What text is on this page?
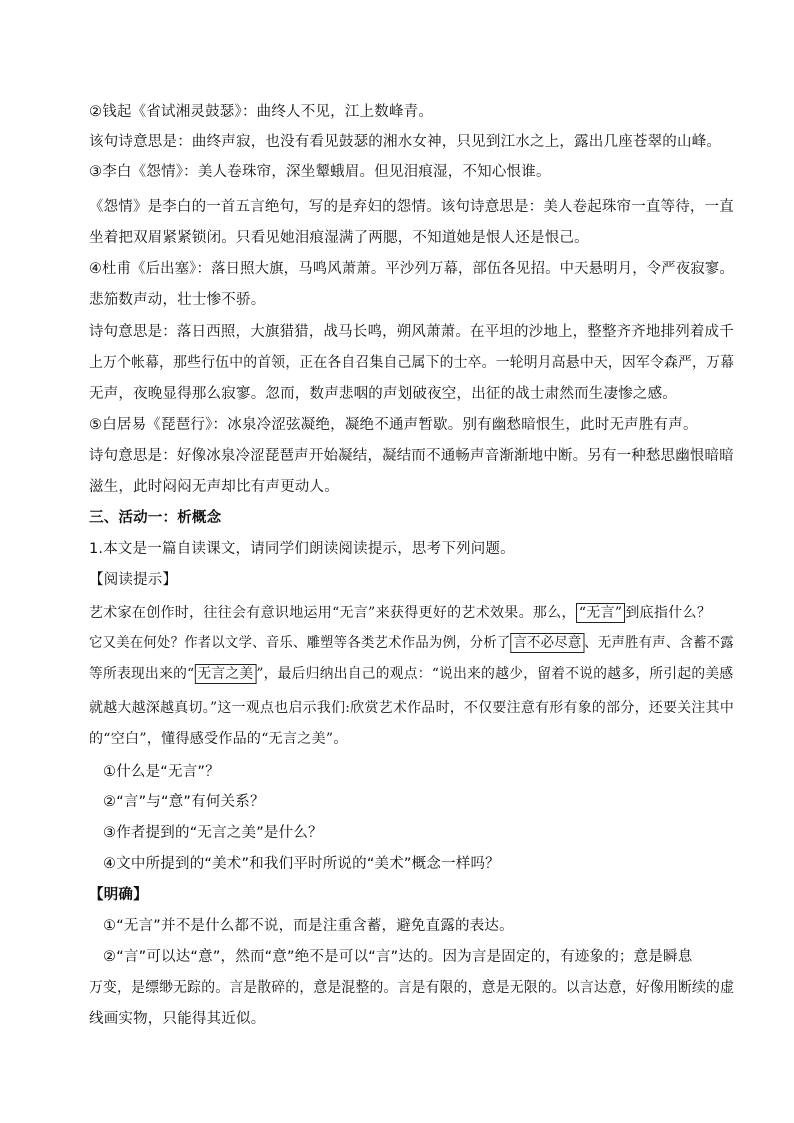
②钱起《省试湘灵鼓瑟》：曲终人不见，江上数峰青。
该句诗意思是：曲终声寂，也没有看见鼓瑟的湘水女神，只见到江水之上，露出几座苍翠的山峰。
③李白《怨情》：美人卷珠帘，深坐颦蛾眉。但见泪痕湿，不知心恨谁。
《怨情》是李白的一首五言绝句，写的是弃妇的怨情。该句诗意思是：美人卷起珠帘一直等待，一直
坐着把双眉紧紧锁闭。只看见她泪痕湿满了两腮，不知道她是恨人还是恨己。
④杜甫《后出塞》：落日照大旗，马鸣风萧萧。平沙列万幕，部伍各见招。中天悬明月，令严夜寂寥。
悲笳数声动，壮士惨不骄。
诗句意思是：落日西照，大旗猎猎，战马长鸣，朔风萧萧。在平坦的沙地上，整整齐齐地排列着成千
上万个帐幕，那些行伍中的首领，正在各自召集自己属下的士卒。一轮明月高悬中天，因军令森严，万幕
无声，夜晚显得那么寂寥。忽而，数声悲咽的声划破夜空，出征的战士肃然而生凄惨之感。
⑤白居易《琵琶行》：冰泉冷涩弦凝绝，凝绝不通声暂歇。别有幽愁暗恨生，此时无声胜有声。
诗句意思是：好像冰泉冷涩琵琶声开始凝结，凝结而不通畅声音渐渐地中断。另有一种愁思幽恨暗暗
滋生，此时闷闷无声却比有声更动人。
三、活动一：析概念
1.本文是一篇自读课文，请同学们朗读阅读提示，思考下列问题。
【阅读提示】
艺术家在创作时，往往会有意识地运用“无言”来获得更好的艺术效果。那么， “无言” 到底指什么？
它又美在何处？作者以文学、音乐、雕塑等各类艺术作品为例，分析了 言不必尽意 、无声胜有声、含蓄不露
等所表现出来的“ 无言之美 ”，最后归纳出自己的观点：“说出来的越少，留着不说的越多，所引起的美感
就越大越深越真切。”这一观点也启示我们:欣赏艺术作品时，不仅要注意有形有象的部分，还要关注其中
的“空白”，懂得感受作品的“无言之美”。
①什么是“无言”？
②“言”与“意”有何关系？
③作者提到的“无言之美”是什么？
④文中所提到的“美术”和我们平时所说的“美术”概念一样吗？
【明确】
①“无言”并不是什么都不说，而是注重含蓄，避免直露的表达。
②“言”可以达“意”，然而“意”绝不是可以“言”达的。因为言是固定的，有迹象的；意是瞬息
万变，是缥缈无踪的。言是散碎的，意是混整的。言是有限的，意是无限的。以言达意，好像用断续的虚
线画实物，只能得其近似。
